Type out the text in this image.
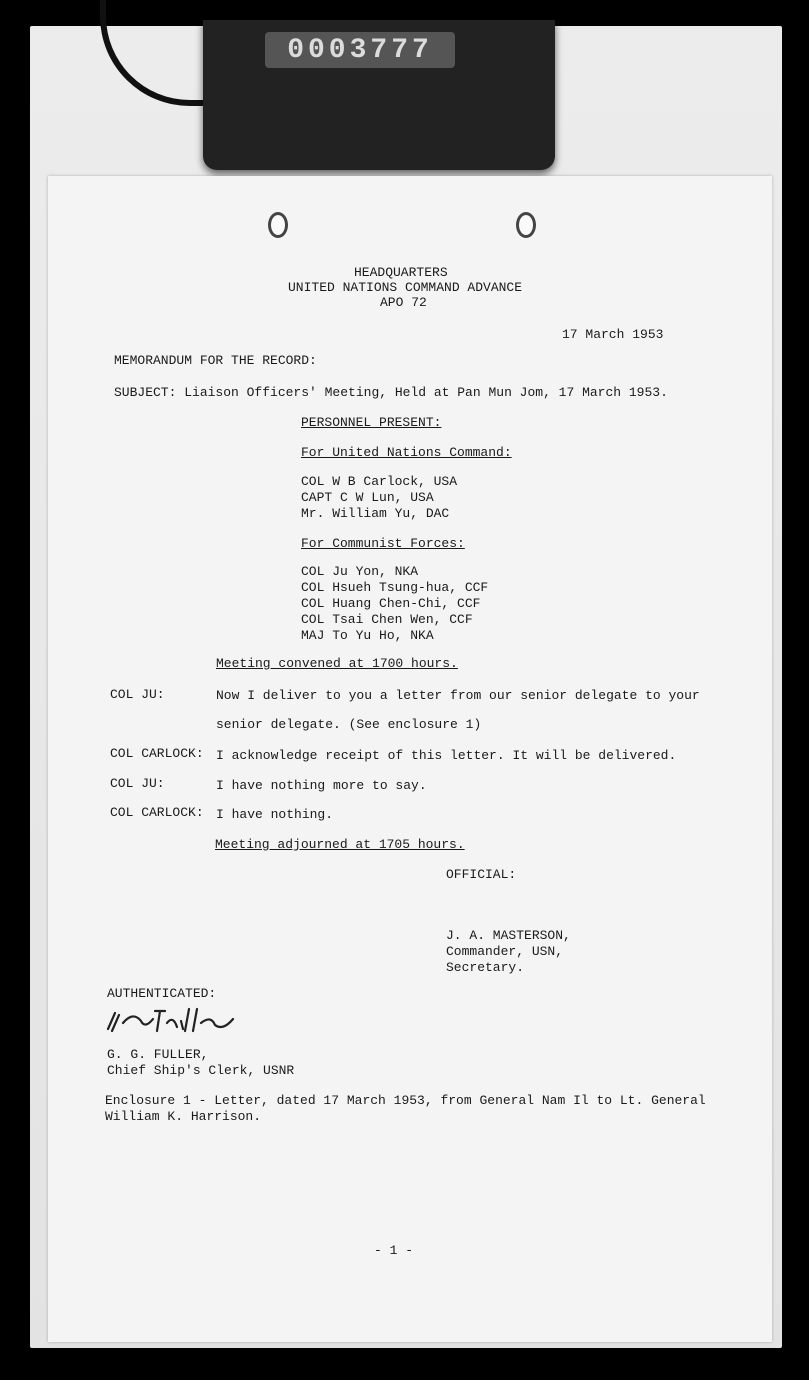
0003777
HEADQUARTERS
UNITED NATIONS COMMAND ADVANCE
APO 72
17 March 1953
MEMORANDUM FOR THE RECORD:
SUBJECT: Liaison Officers' Meeting, Held at Pan Mun Jom, 17 March 1953.
PERSONNEL PRESENT:
For United Nations Command:
COL W B Carlock, USA
CAPT C W Lun, USA
Mr. William Yu, DAC
For Communist Forces:
COL Ju Yon, NKA
COL Hsueh Tsung-hua, CCF
COL Huang Chen-Chi, CCF
COL Tsai Chen Wen, CCF
MAJ To Yu Ho, NKA
Meeting convened at 1700 hours.
COL JU:	Now I deliver to you a letter from our senior delegate to your
senior delegate. (See enclosure 1)
COL CARLOCK: I acknowledge receipt of this letter. It will be delivered.
COL JU:	I have nothing more to say.
COL CARLOCK: I have nothing.
Meeting adjourned at 1705 hours.
OFFICIAL:
J. A. MASTERSON,
Commander, USN,
Secretary.
AUTHENTICATED:
G. G. FULLER,
Chief Ship's Clerk, USNR
Enclosure 1 - Letter, dated 17 March 1953, from General Nam Il to Lt. General
William K. Harrison.
- 1 -
